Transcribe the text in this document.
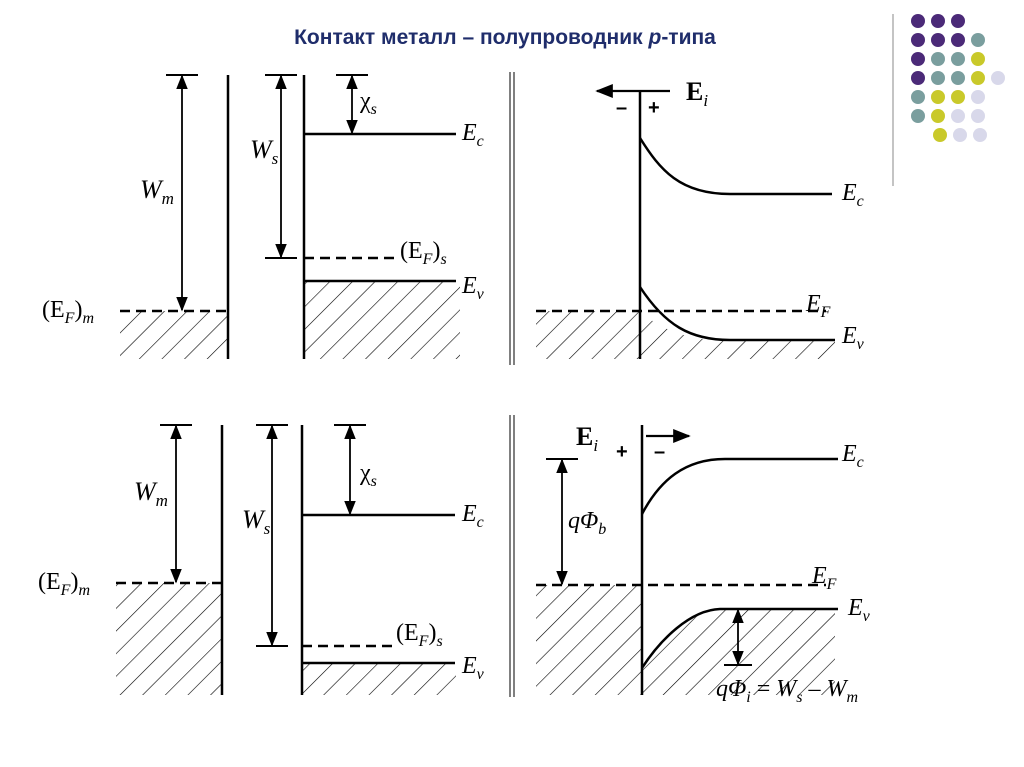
Контакт металл – полупроводник p-типа
$W_m$
$(E_F)_m$
$W_s$
$\chi_s$
$E_c$
$E_v$
$(E_F)_s$
$E_i$
– +
$E_c$
$E_F$
$E_v$
$W_m$
$(E_F)_m$
$W_s$
$\chi_s$
$E_c$
$E_v$
$(E_F)_s$
$E_i$ + –
$q\Phi_b$
$E_c$
$E_F$
$E_v$
$q\Phi_i = W_s - W_m$
